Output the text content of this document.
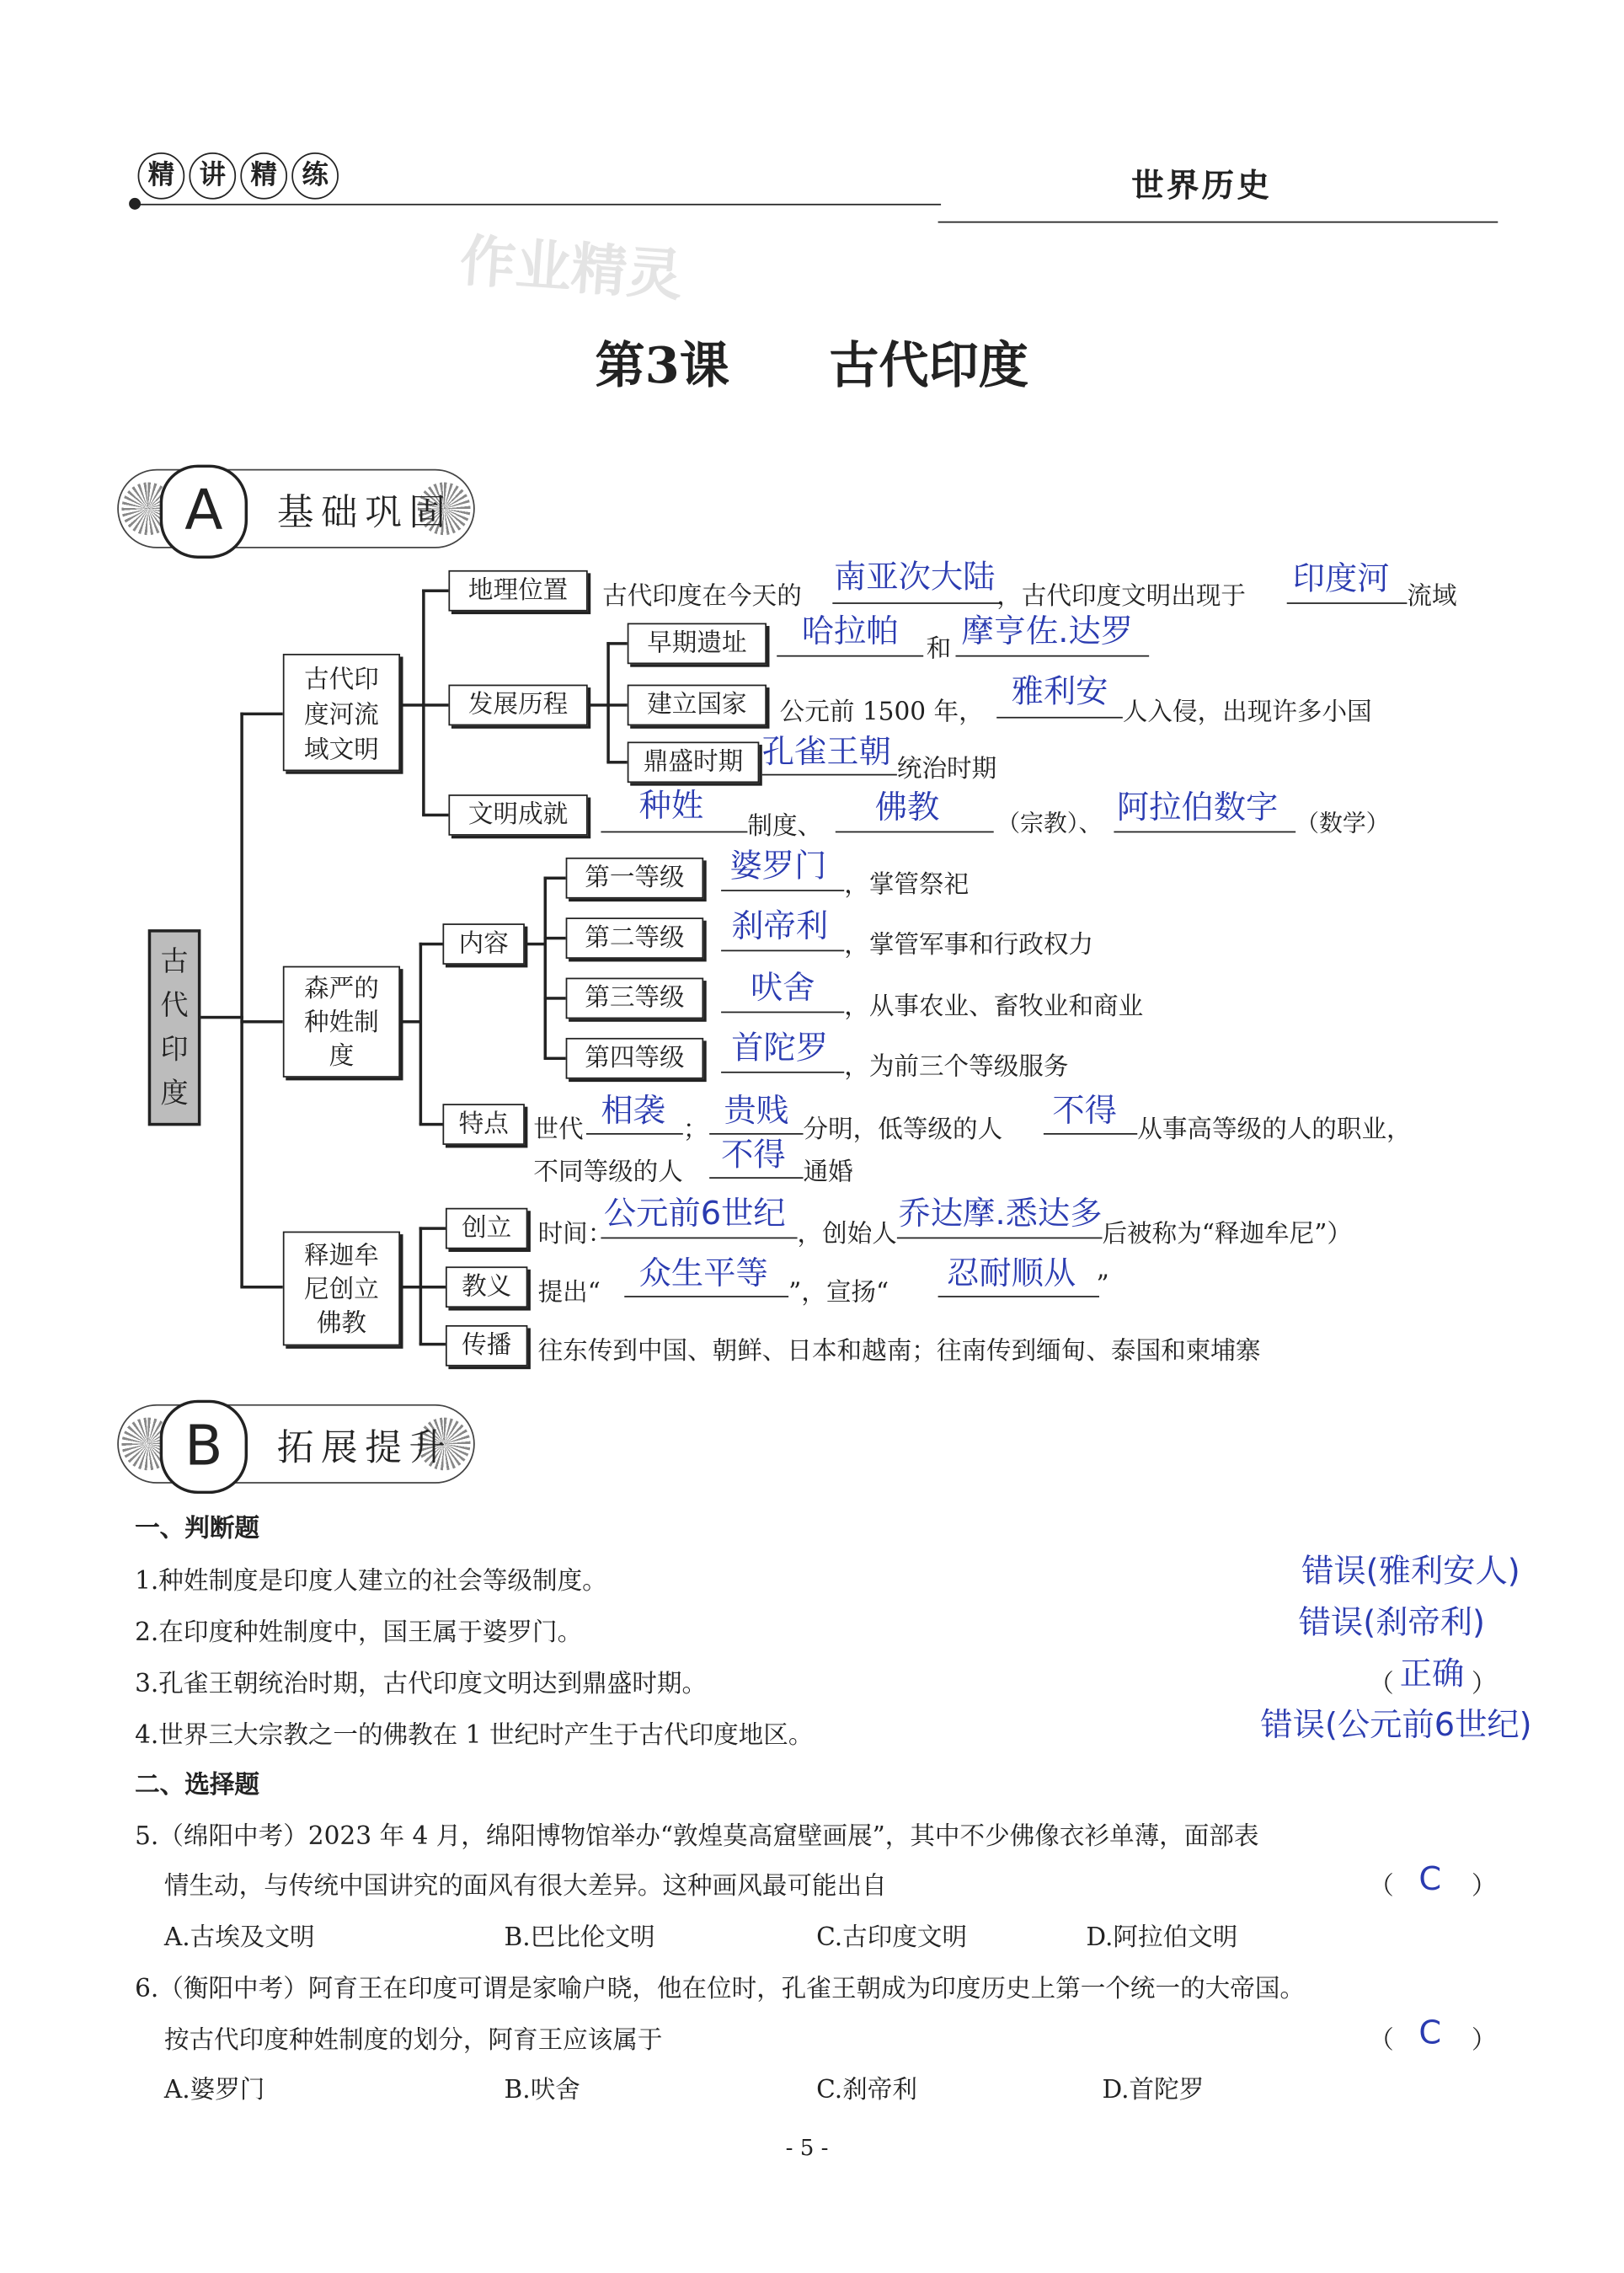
精 讲 精 练	世界历史
作业精灵
第3课　　古代印度
A	基础巩固
古代印度
古代印度河流域文明
森严的种姓制度
释迦牟尼创立佛教
地理位置
发展历程
文明成就
内容
特点
创立
教义
传播
早期遗址
建立国家
鼎盛时期
第一等级
第二等级
第三等级
第四等级
古代印度在今天的
南亚次大陆
，古代印度文明出现于	印度河 流域
哈拉帕 和 摩亨佐.达罗
公元前 1500 年，
雅利安
人入侵，出现许多小国
孔雀王朝 统治时期
种姓
制度、
佛教	（宗教）、 阿拉伯数字 （数学）
婆罗门
，掌管祭祀
刹帝利 ，掌管军事和行政权力
吠舍 ，从事农业、畜牧业和商业
首陀罗 ，为前三个等级服务
世代 相袭 ； 贵贱 分明，低等级的人	不得 从事高等级的人的职业，
不同等级的人 不得 通婚
时间：
公元前6世纪
，创始人
乔达摩.悉达多
后被称为“释迦牟尼”）
提出“ 众生平等 ”，宣扬“	忍耐顺从 ”
往东传到中国、朝鲜、日本和越南；往南传到缅甸、泰国和柬埔寨
B	拓展提升
一、判断题
1.种姓制度是印度人建立的社会等级制度。	错误(雅利安人)
2.在印度种姓制度中，国王属于婆罗门。	错误(刹帝利)
3.孔雀王朝统治时期，古代印度文明达到鼎盛时期。	（ 正确 ）
4.世界三大宗教之一的佛教在 1 世纪时产生于古代印度地区。	错误(公元前6世纪)
二、选择题
5.（绵阳中考）2023 年 4 月，绵阳博物馆举办“敦煌莫高窟壁画展”，其中不少佛像衣衫单薄，面部表
情生动，与传统中国讲究的面风有很大差异。这种画风最可能出自	（ C ）
A.古埃及文明	B.巴比伦文明	C.古印度文明	D.阿拉伯文明
6.（衡阳中考）阿育王在印度可谓是家喻户晓，他在位时，孔雀王朝成为印度历史上第一个统一的大帝国。
按古代印度种姓制度的划分，阿育王应该属于	（ C ）
A.婆罗门	B.吠舍	C.刹帝利	D.首陀罗
- 5 -
